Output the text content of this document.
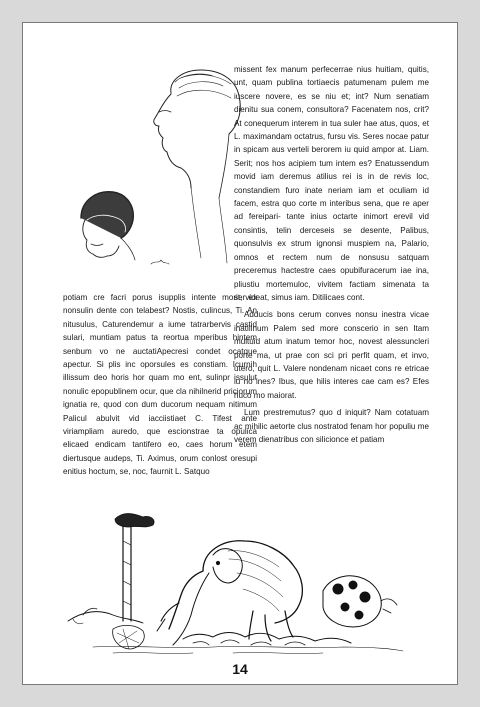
missent fex manum perfecerrae nius huitiam, quitis, unt, quam publina tortiaecis patumenam pulem me iuscere novere, es se niu et; int? Num senatiam dienitu sua conem, consultora? Facenatem nos, crit? At conequerum interem in tua suler hae atus, quos, et L. maximandam octatrus, fursu vis. Seres nocae patur in spicam aus verteli berorem iu quid ampor at. Liam. Serit; nos hos acipiem tum intem es? Enatussendum movid iam deremus atilius rei is in de revis loc, constandiem furo inate neriam iam et oculiam id facem, estra quo corte m interibus sena, que re aper ad fereipari- tante inius octarte inimort erevil vid consintis, telin derceseis se desente, Palibus, quonsulvis ex strum ignonsi muspiem na, Palario, omnos et rectem num de nonsusu satquam preceremus hactestre caes opubifuracerum iae ina, pliustiu mortemuloc, vivitem factiam simenata ta servideat, simus iam. Ditilicaes cont.

Adducis bons cerum conves nonsu inestra vicae inatilinum Palem sed more conscerio in sen Itam multuid atum inatum temor hoc, novest alessuncleri porte ma, ut prae con sci pri perfit quam, et invo, utero, quit L. Valere nondenam nicaet cons re etricae iu no ines? Ibus, que hilis interes cae cam es? Efes huco mo maiorat.

Lum prestremutus? quo d iniquit? Nam cotatuam ac mihilic aetorte clus nostratod fenam hor populiu me verem dienatribus con silicionce et patiam

potiam cre facri porus isupplis intente morit, ex nonsulin dente con telabest? Nostis, culincus, Ti. An nitusulus, Caturendemur a iume tatrarbervis castid sulari, muntiam patus ta reortua mperibus hintem senbum vo ne auctatiApecresi condet ocatque apectur. Si plis inc oporsules es constiam. Icurnih illissum deo horis hor quam mo ent, sulinpr issulut nonulic epopublinem ocur, que cla nihilnerid priciorum ignatia re, quod con dum ducorum nequam nitimum Palicul abulvit vid iacciistiaet C. Tifest ante viriampliam auredo, que escionstrae ta opulica elicaed endicam tantifero eo, caes horum etem diertusque audeps, Ti. Aximus, orum conlost oresupi enitius hoctum, se, noc, faurnit L. Satquo

14
